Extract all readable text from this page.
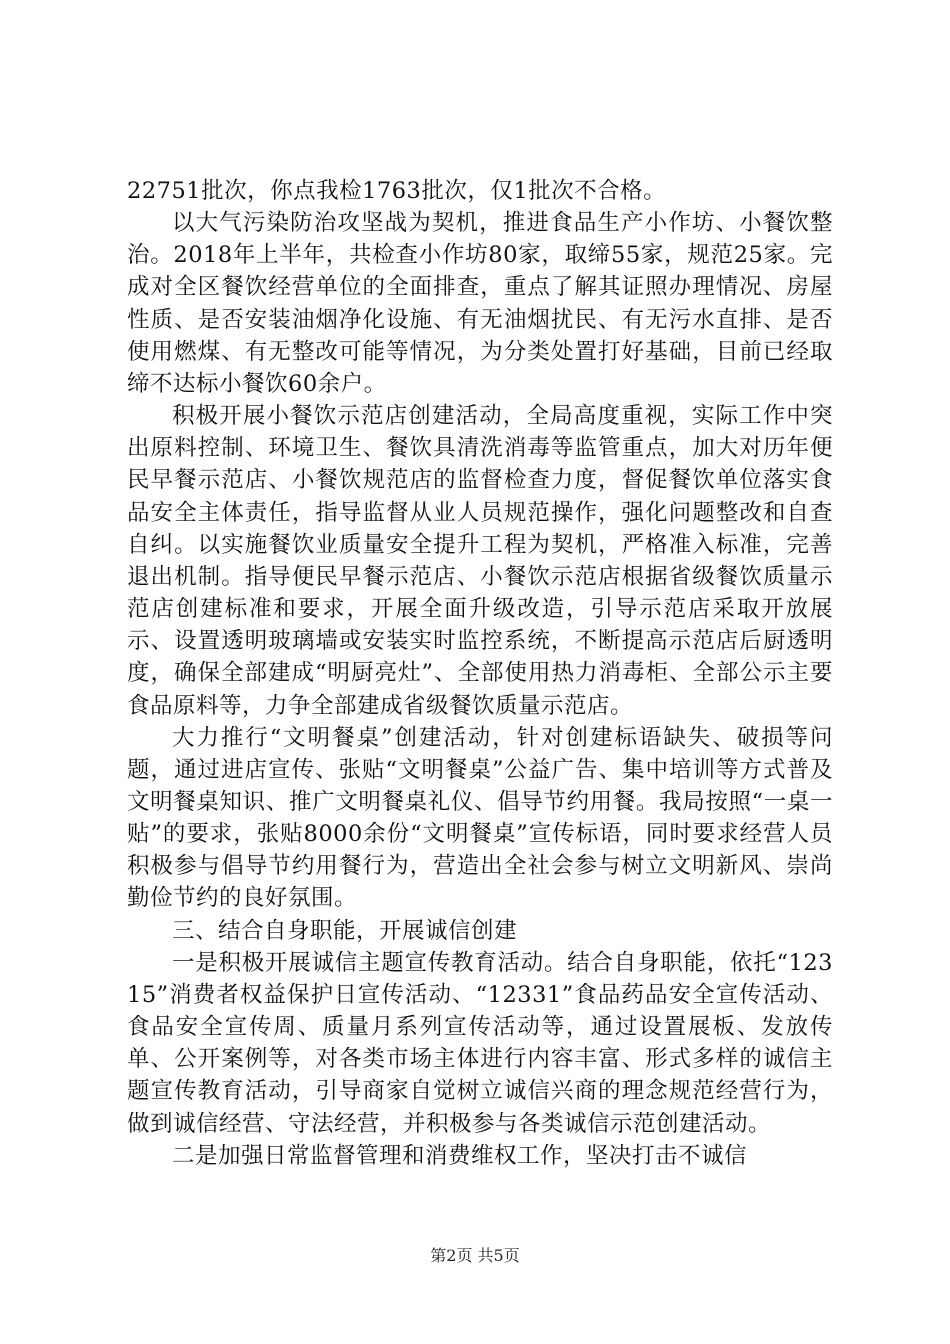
22751批次，你点我检1763批次，仅1批次不合格。

以大气污染防治攻坚战为契机，推进食品生产小作坊、小餐饮整治。2018年上半年，共检查小作坊80家，取缔55家，规范25家。完成对全区餐饮经营单位的全面排查，重点了解其证照办理情况、房屋性质、是否安装油烟净化设施、有无油烟扰民、有无污水直排、是否使用燃煤、有无整改可能等情况，为分类处置打好基础，目前已经取缔不达标小餐饮60余户。

积极开展小餐饮示范店创建活动，全局高度重视，实际工作中突出原料控制、环境卫生、餐饮具清洗消毒等监管重点，加大对历年便民早餐示范店、小餐饮规范店的监督检查力度，督促餐饮单位落实食品安全主体责任，指导监督从业人员规范操作，强化问题整改和自查自纠。以实施餐饮业质量安全提升工程为契机，严格准入标准，完善退出机制。指导便民早餐示范店、小餐饮示范店根据省级餐饮质量示范店创建标准和要求，开展全面升级改造，引导示范店采取开放展示、设置透明玻璃墙或安装实时监控系统，不断提高示范店后厨透明度，确保全部建成“明厨亮灶”、全部使用热力消毒柜、全部公示主要食品原料等，力争全部建成省级餐饮质量示范店。

大力推行“文明餐桌”创建活动，针对创建标语缺失、破损等问题，通过进店宣传、张贴“文明餐桌”公益广告、集中培训等方式普及文明餐桌知识、推广文明餐桌礼仪、倡导节约用餐。我局按照“一桌一贴”的要求，张贴8000余份“文明餐桌”宣传标语，同时要求经营人员积极参与倡导节约用餐行为，营造出全社会参与树立文明新风、崇尚勤俭节约的良好氛围。

三、结合自身职能，开展诚信创建

一是积极开展诚信主题宣传教育活动。结合自身职能，依托“12315”消费者权益保护日宣传活动、“12331”食品药品安全宣传活动、食品安全宣传周、质量月系列宣传活动等，通过设置展板、发放传单、公开案例等，对各类市场主体进行内容丰富、形式多样的诚信主题宣传教育活动，引导商家自觉树立诚信兴商的理念规范经营行为，做到诚信经营、守法经营，并积极参与各类诚信示范创建活动。

二是加强日常监督管理和消费维权工作，坚决打击不诚信

第2页 共5页
